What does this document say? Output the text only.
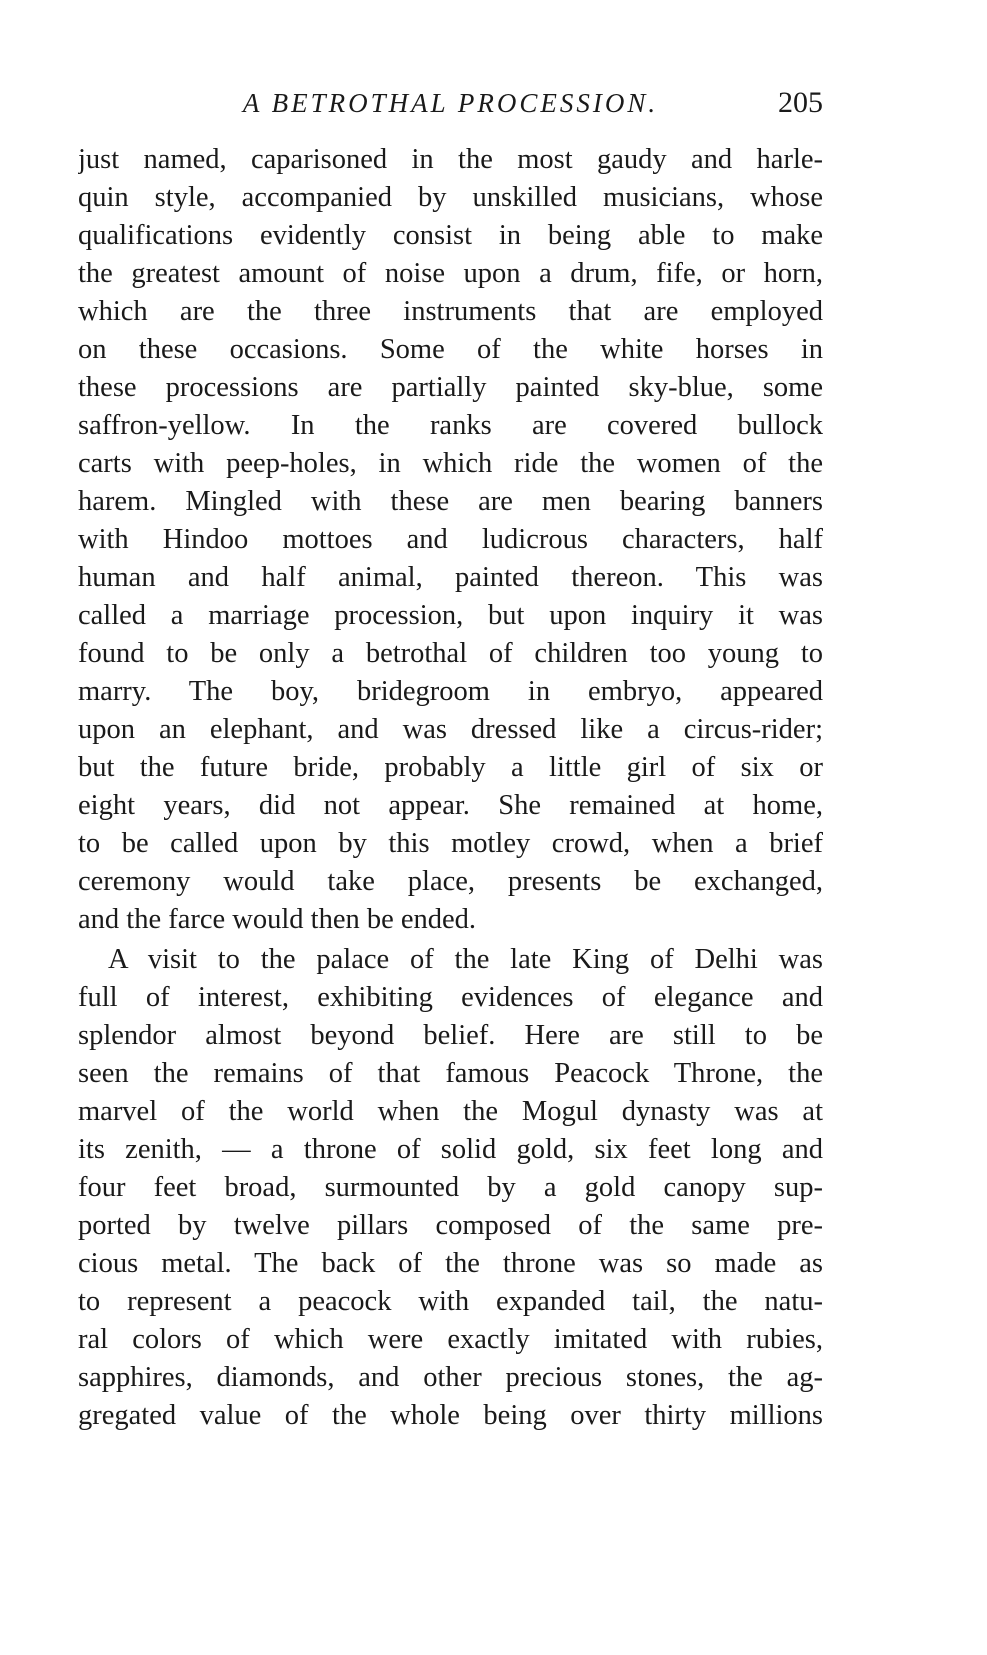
A BETROTHAL PROCESSION.	205
just named, caparisoned in the most gaudy and harle-
quin style, accompanied by unskilled musicians, whose
qualifications evidently consist in being able to make
the greatest amount of noise upon a drum, fife, or horn,
which are the three instruments that are employed
on these occasions. Some of the white horses in
these processions are partially painted sky-blue, some
saffron-yellow. In the ranks are covered bullock
carts with peep-holes, in which ride the women of the
harem. Mingled with these are men bearing banners
with Hindoo mottoes and ludicrous characters, half
human and half animal, painted thereon. This was
called a marriage procession, but upon inquiry it was
found to be only a betrothal of children too young to
marry. The boy, bridegroom in embryo, appeared
upon an elephant, and was dressed like a circus-rider;
but the future bride, probably a little girl of six or
eight years, did not appear. She remained at home,
to be called upon by this motley crowd, when a brief
ceremony would take place, presents be exchanged,
and the farce would then be ended.
A visit to the palace of the late King of Delhi was
full of interest, exhibiting evidences of elegance and
splendor almost beyond belief. Here are still to be
seen the remains of that famous Peacock Throne, the
marvel of the world when the Mogul dynasty was at
its zenith, — a throne of solid gold, six feet long and
four feet broad, surmounted by a gold canopy sup-
ported by twelve pillars composed of the same pre-
cious metal. The back of the throne was so made as
to represent a peacock with expanded tail, the natu-
ral colors of which were exactly imitated with rubies,
sapphires, diamonds, and other precious stones, the ag-
gregated value of the whole being over thirty millions
